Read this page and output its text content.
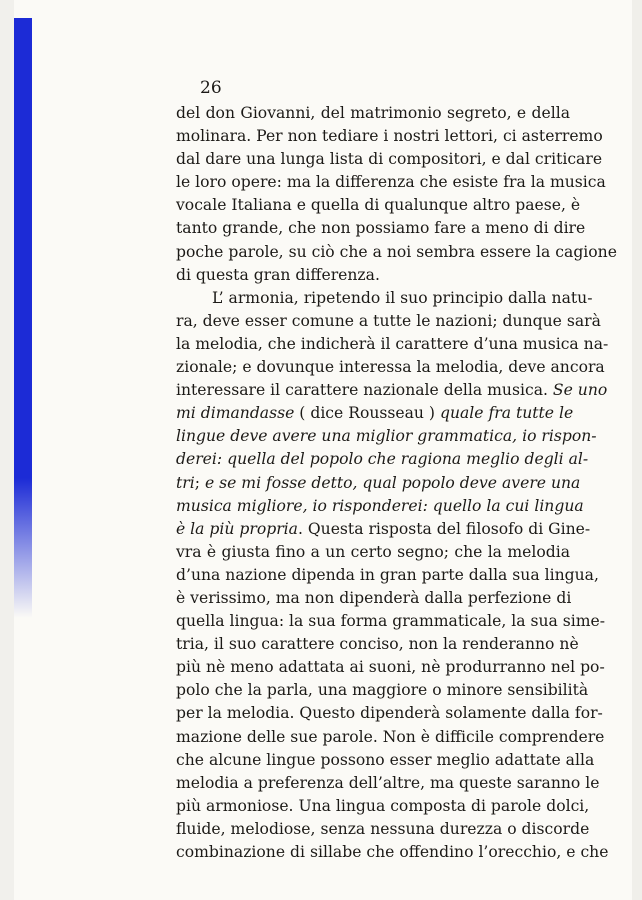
26
del don Giovanni, del matrimonio segreto, e della
molinara. Per non tediare i nostri lettori, ci asterremo
dal dare una lunga lista di compositori, e dal criticare
le loro opere: ma la differenza che esiste fra la musica
vocale Italiana e quella di qualunque altro paese, è
tanto grande, che non possiamo fare a meno di dire
poche parole, su ciò che a noi sembra essere la cagione
di questa gran differenza.
L’ armonia, ripetendo il suo principio dalla natu-
ra, deve esser comune a tutte le nazioni; dunque sarà
la melodia, che indicherà il carattere d’una musica na-
zionale; e dovunque interessa la melodia, deve ancora
interessare il carattere nazionale della musica. Se uno
mi dimandasse ( dice Rousseau ) quale fra tutte le
lingue deve avere una miglior grammatica, io rispon-
derei: quella del popolo che ragiona meglio degli al-
tri; e se mi fosse detto, qual popolo deve avere una
musica migliore, io risponderei: quello la cui lingua
è la più propria. Questa risposta del filosofo di Gine-
vra è giusta fino a un certo segno; che la melodia
d’una nazione dipenda in gran parte dalla sua lingua,
è verissimo, ma non dipenderà dalla perfezione di
quella lingua: la sua forma grammaticale, la sua sime-
tria, il suo carattere conciso, non la renderanno nè
più nè meno adattata ai suoni, nè produrranno nel po-
polo che la parla, una maggiore o minore sensibilità
per la melodia. Questo dipenderà solamente dalla for-
mazione delle sue parole. Non è difficile comprendere
che alcune lingue possono esser meglio adattate alla
melodia a preferenza dell’altre, ma queste saranno le
più armoniose. Una lingua composta di parole dolci,
fluide, melodiose, senza nessuna durezza o discorde
combinazione di sillabe che offendino l’orecchio, e che
